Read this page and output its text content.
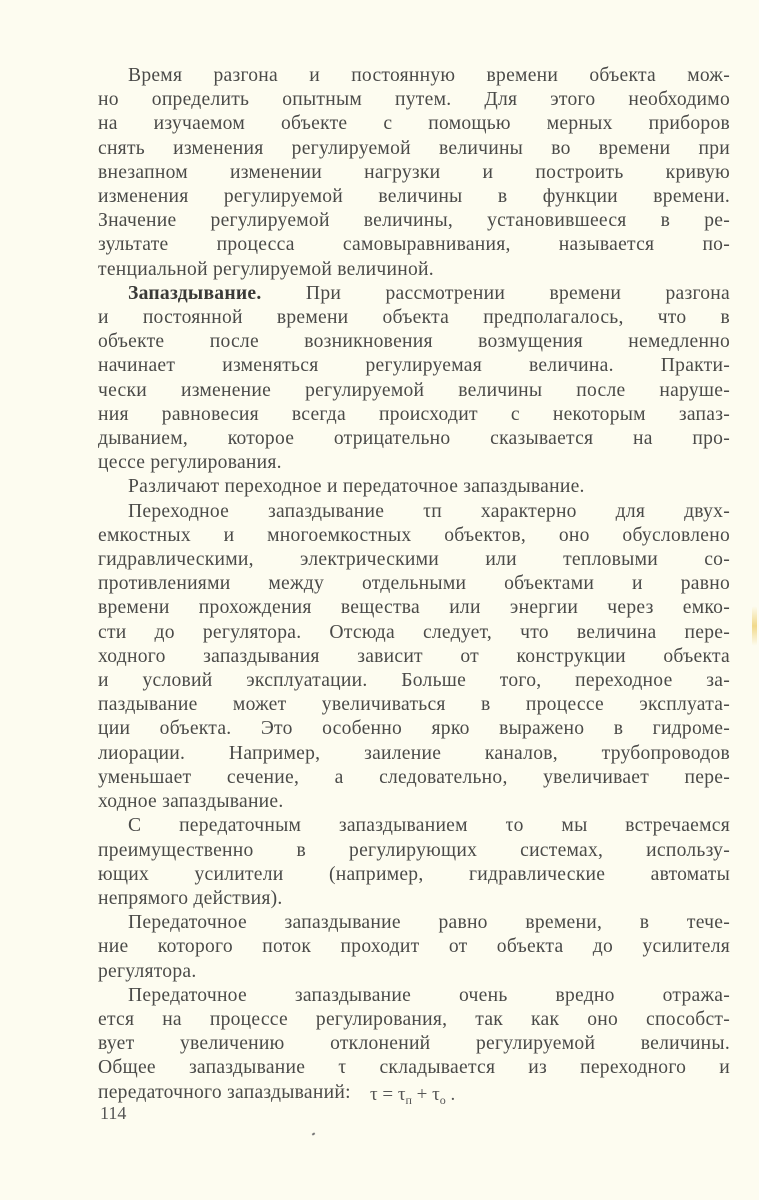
Время разгона и постоянную времени объекта мож-
но определить опытным путем. Для этого необходимо
на изучаемом объекте с помощью мерных приборов
снять изменения регулируемой величины во времени при
внезапном изменении нагрузки и построить кривую
изменения регулируемой величины в функции времени.
Значение регулируемой величины, установившееся в ре-
зультате процесса самовыравнивания, называется по-
тенциальной регулируемой величиной.

Запаздывание. При рассмотрении времени разгона
и постоянной времени объекта предполагалось, что в
объекте после возникновения возмущения немедленно
начинает изменяться регулируемая величина. Практи-
чески изменение регулируемой величины после наруше-
ния равновесия всегда происходит с некоторым запаз-
дыванием, которое отрицательно сказывается на про-
цессе регулирования.

Различают переходное и передаточное запаздывание.

Переходное запаздывание τп характерно для двух-
емкостных и многоемкостных объектов, оно обусловлено
гидравлическими, электрическими или тепловыми со-
противлениями между отдельными объектами и равно
времени прохождения вещества или энергии через емко-
сти до регулятора. Отсюда следует, что величина пере-
ходного запаздывания зависит от конструкции объекта
и условий эксплуатации. Больше того, переходное за-
паздывание может увеличиваться в процессе эксплуата-
ции объекта. Это особенно ярко выражено в гидроме-
лиорации. Например, заиление каналов, трубопроводов
уменьшает сечение, а следовательно, увеличивает пере-
ходное запаздывание.

С передаточным запаздыванием τо мы встречаемся
преимущественно в регулирующих системах, использу-
ющих усилители (например, гидравлические автоматы
непрямого действия).

Передаточное запаздывание равно времени, в тече-
ние которого поток проходит от объекта до усилителя
регулятора.

Передаточное запаздывание очень вредно отража-
ется на процессе регулирования, так как оно способст-
вует увеличению отклонений регулируемой величины.
Общее запаздывание τ складывается из переходного и
передаточного запаздываний:	$\tau = \tau_п + \tau_о$ .
114
